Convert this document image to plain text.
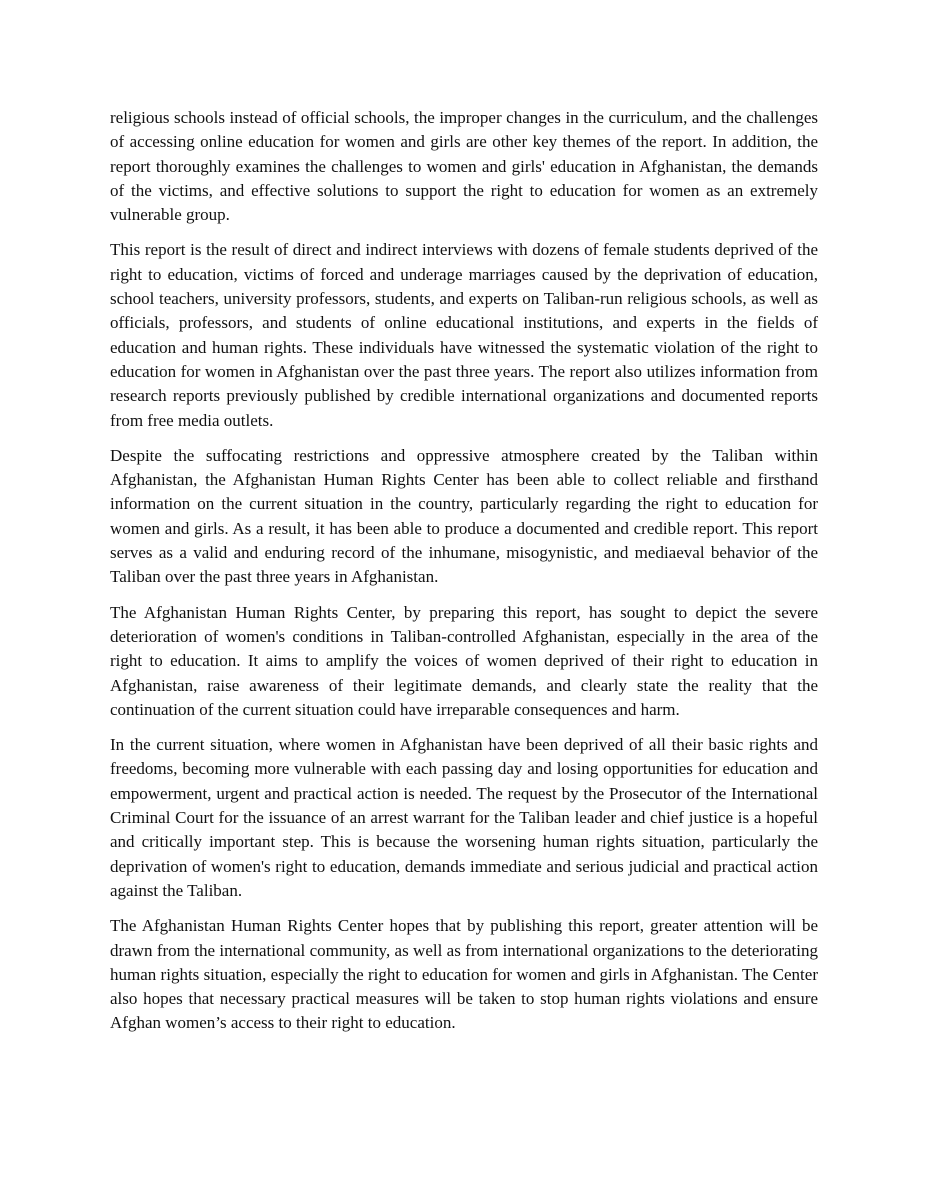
religious schools instead of official schools, the improper changes in the curriculum, and the challenges of accessing online education for women and girls are other key themes of the report. In addition, the report thoroughly examines the challenges to women and girls' education in Afghanistan, the demands of the victims, and effective solutions to support the right to education for women as an extremely vulnerable group.

This report is the result of direct and indirect interviews with dozens of female students deprived of the right to education, victims of forced and underage marriages caused by the deprivation of education, school teachers, university professors, students, and experts on Taliban-run religious schools, as well as officials, professors, and students of online educational institutions, and experts in the fields of education and human rights. These individuals have witnessed the systematic violation of the right to education for women in Afghanistan over the past three years. The report also utilizes information from research reports previously published by credible international organizations and documented reports from free media outlets.

Despite the suffocating restrictions and oppressive atmosphere created by the Taliban within Afghanistan, the Afghanistan Human Rights Center has been able to collect reliable and firsthand information on the current situation in the country, particularly regarding the right to education for women and girls. As a result, it has been able to produce a documented and credible report. This report serves as a valid and enduring record of the inhumane, misogynistic, and mediaeval behavior of the Taliban over the past three years in Afghanistan.

The Afghanistan Human Rights Center, by preparing this report, has sought to depict the severe deterioration of women's conditions in Taliban-controlled Afghanistan, especially in the area of the right to education. It aims to amplify the voices of women deprived of their right to education in Afghanistan, raise awareness of their legitimate demands, and clearly state the reality that the continuation of the current situation could have irreparable consequences and harm.

In the current situation, where women in Afghanistan have been deprived of all their basic rights and freedoms, becoming more vulnerable with each passing day and losing opportunities for education and empowerment, urgent and practical action is needed. The request by the Prosecutor of the International Criminal Court for the issuance of an arrest warrant for the Taliban leader and chief justice is a hopeful and critically important step. This is because the worsening human rights situation, particularly the deprivation of women's right to education, demands immediate and serious judicial and practical action against the Taliban.

The Afghanistan Human Rights Center hopes that by publishing this report, greater attention will be drawn from the international community, as well as from international organizations to the deteriorating human rights situation, especially the right to education for women and girls in Afghanistan. The Center also hopes that necessary practical measures will be taken to stop human rights violations and ensure Afghan women’s access to their right to education.
